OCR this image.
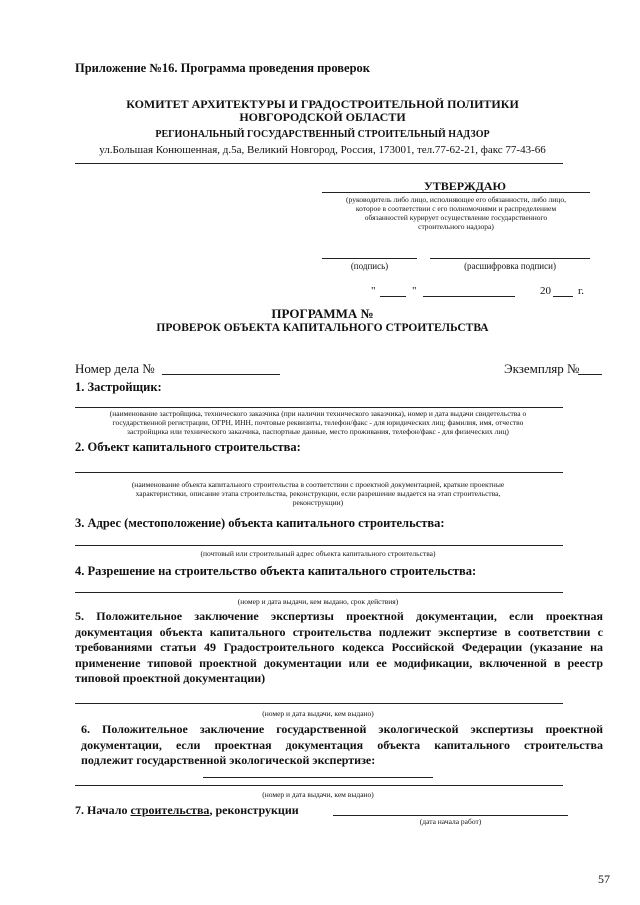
Приложение №16. Программа проведения проверок
КОМИТЕТ АРХИТЕКТУРЫ И ГРАДОСТРОИТЕЛЬНОЙ ПОЛИТИКИ
НОВГОРОДСКОЙ ОБЛАСТИ
РЕГИОНАЛЬНЫЙ ГОСУДАРСТВЕННЫЙ СТРОИТЕЛЬНЫЙ НАДЗОР
ул.Большая Конюшенная, д.5а, Великий Новгород, Россия, 173001, тел.77-62-21, факс 77-43-66
УТВЕРЖДАЮ
(руководитель либо лицо, исполняющее его обязанности, либо лицо,
которое в соответствии с его полномочиями и распределением
обязанностей курирует осуществление государственного
строительного надзора)
(подпись)	(расшифровка подписи)
"	"	20 г.
ПРОГРАММА №
ПРОВЕРОК ОБЪЕКТА КАПИТАЛЬНОГО СТРОИТЕЛЬСТВА
Номер дела №	Экземпляр №
1. Застройщик:
(наименование застройщика, технического заказчика (при наличии технического заказчика), номер и дата выдачи свидетельства о
государственной регистрации, ОГРН, ИНН, почтовые реквизиты, телефон/факс - для юридических лиц; фамилия, имя, отчество
застройщика или технического заказчика, паспортные данные, место проживания, телефон/факс - для физических лиц)
2. Объект капитального строительства:
(наименование объекта капитального строительства в соответствии с проектной документацией, краткие проектные
характеристики, описание этапа строительства, реконструкции, если разрешение выдается на этап строительства,
реконструкции)
3. Адрес (местоположение) объекта капитального строительства:
(почтовый или строительный адрес объекта капитального строительства)
4. Разрешение на строительство объекта капитального строительства:
(номер и дата выдачи, кем выдано, срок действия)
5. Положительное заключение экспертизы проектной документации, если проектная
документация объекта капитального строительства подлежит экспертизе в соответствии с
требованиями статьи 49 Градостроительного кодекса Российской Федерации (указание на
применение типовой проектной документации или ее модификации, включенной в реестр
типовой проектной документации)
(номер и дата выдачи, кем выдано)
6. Положительное заключение государственной экологической экспертизы проектной
документации, если проектная документация объекта капитального строительства
подлежит государственной экологической экспертизе:
(номер и дата выдачи, кем выдано)
7. Начало строительства, реконструкции
(дата начала работ)
57
